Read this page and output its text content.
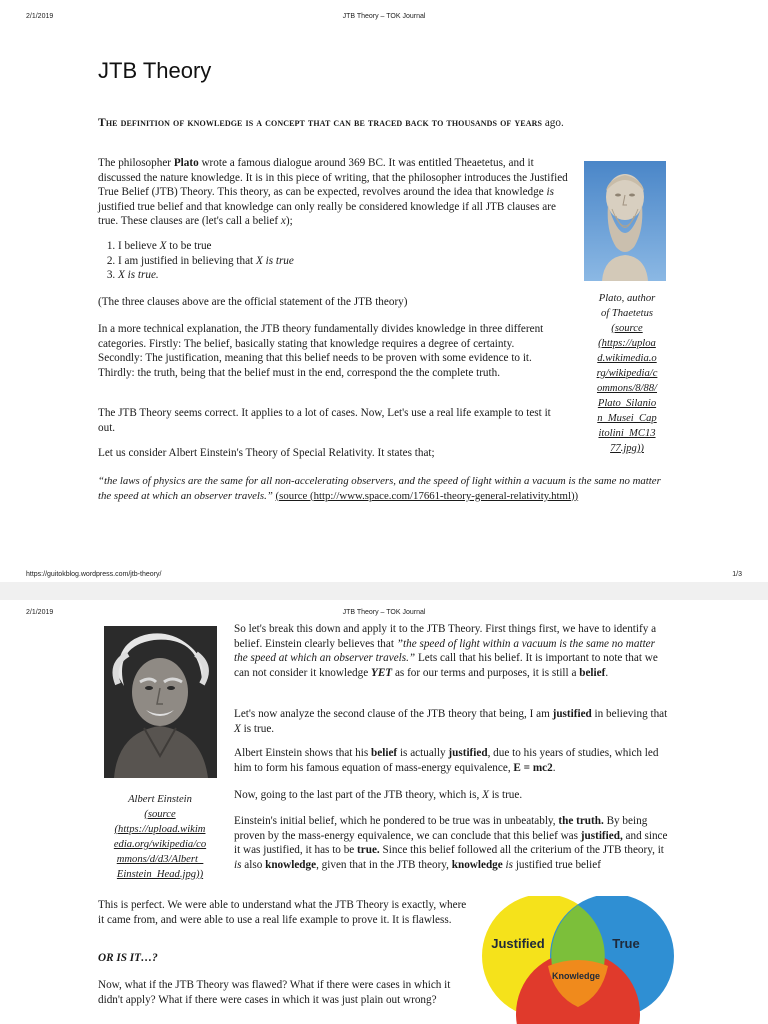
2/1/2019	JTB Theory – TOK Journal
JTB Theory

The definition of knowledge is a concept that can be traced back to thousands of years ago.

The philosopher Plato wrote a famous dialogue around 369 BC. It was entitled Theaetetus, and it discussed the nature knowledge. It is in this piece of writing, that the philosopher introduces the Justified True Belief (JTB) Theory. This theory, as can be expected, revolves around the idea that knowledge is justified true belief and that knowledge can only really be considered knowledge if all JTB clauses are true. These clauses are (let's call a belief x);

1. I believe X to be true
2. I am justified in believing that X is true
3. X is true.

(The three clauses above are the official statement of the JTB theory)

In a more technical explanation, the JTB theory fundamentally divides knowledge in three different categories. Firstly: The belief, basically stating that knowledge requires a degree of certainty. Secondly: The justification, meaning that this belief needs to be proven with some evidence to it. Thirdly: the truth, being that the belief must in the end, correspond the the complete truth.

The JTB Theory seems correct. It applies to a lot of cases. Now, Let's use a real life example to test it out.

Let us consider Albert Einstein's Theory of Special Relativity. It states that;

“the laws of physics are the same for all non-accelerating observers, and the speed of light within a vacuum is the same no matter the speed at which an observer travels.” (source (http://www.space.com/17661-theory-general-relativity.html))

Plato, author
of Thaetetus
(source
(https://uploa
d.wikimedia.o
rg/wikipedia/c
ommons/8/88/
Plato_Silanio
n_Musei_Cap
itolini_MC13
77.jpg))
https://guitokblog.wordpress.com/jtb-theory/	1/3
2/1/2019	JTB Theory – TOK Journal
Albert Einstein
(source
(https://upload.wikim
edia.org/wikipedia/co
mmons/d/d3/Albert_
Einstein_Head.jpg))

So let's break this down and apply it to the JTB Theory. First things first, we have to identify a belief. Einstein clearly believes that ”the speed of light within a vacuum is the same no matter the speed at which an observer travels.” Lets call that his belief. It is important to note that we can not consider it knowledge YET as for our terms and purposes, it is still a belief.

Let's now analyze the second clause of the JTB theory that being, I am justified in believing that X is true.

Albert Einstein shows that his belief is actually justified, due to his years of studies, which led him to form his famous equation of mass-energy equivalence, E = mc2.

Now, going to the last part of the JTB theory, which is, X is true.

Einstein's initial belief, which he pondered to be true was in unbeatably, the truth. By being proven by the mass-energy equivalence, we can conclude that this belief was justified, and since it was justified, it has to be true. Since this belief followed all the criterium of the JTB theory, it is also knowledge, given that in the JTB theory, knowledge is justified true belief

This is perfect. We were able to understand what the JTB Theory is exactly, where it came from, and were able to use a real life example to prove it. It is flawless.

OR IS IT…?

Now, what if the JTB Theory was flawed? What if there were cases in which it didn't apply? What if there were cases in which it was just plain out wrong?

Justified	True
Knowledge
